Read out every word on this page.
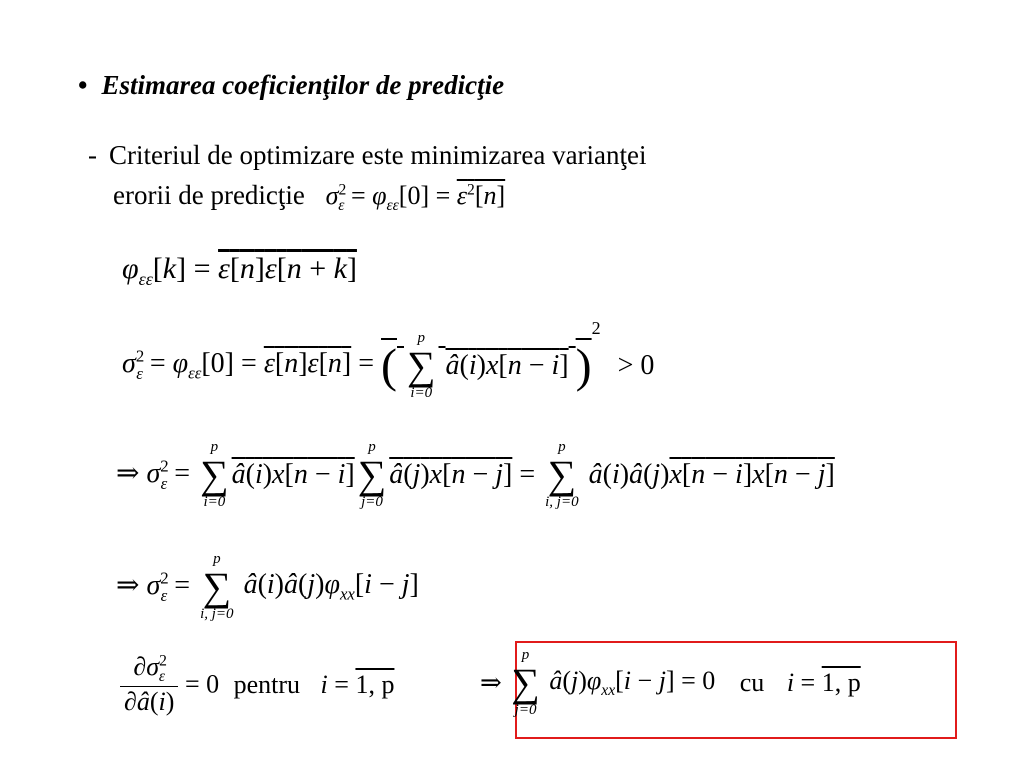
• Estimarea coeficienţilor de predicţie
- Criteriul de optimizare este minimizarea varianţei
erorii de predicţie $\sigma^2_\varepsilon = \varphi_{\varepsilon\varepsilon}[0] = \varepsilon^2[n]$
$\varphi_{\varepsilon\varepsilon}[k] = \varepsilon[n]\varepsilon[n + k]$
$\sigma^2_\varepsilon = \varphi_{\varepsilon\varepsilon}[0] = \varepsilon[n]\varepsilon[n]$ = (
p
∑
i=0
â(i)x[n − i] )$^2$ > 0
⇒ $\sigma^2_\varepsilon$ =
p
∑
i=0
â(i)x[n − i]
p
∑
j=0
â(j)x[n − j] =
p
∑
i, j=0
â(i)â(j)x[n − i]x[n − j]
⇒ $\sigma^2_\varepsilon$ =
p
∑
i, j=0
$â(i)â(j)\varphi_{xx}[i - j]$
$\frac{\partial\sigma^2_\varepsilon}{\partial â(i)} = 0$ pentru i = 1, p	⇒
p
∑
j=0
$â(j)\varphi_{xx}[i - j] = 0$ cu i = 1, p
